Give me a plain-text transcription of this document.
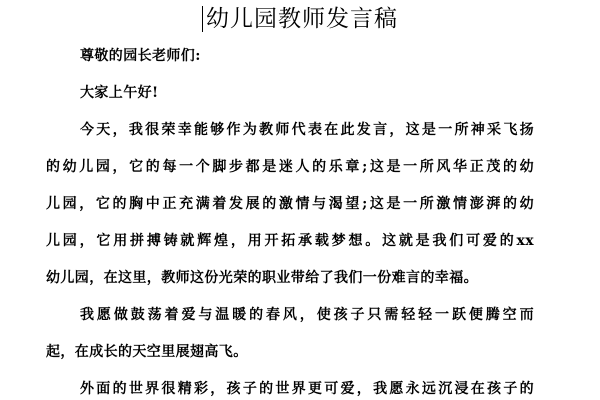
幼儿园教师发言稿
尊敬的园长老师们:
大家上午好!
今天，我很荣幸能够作为教师代表在此发言，这是一所神采飞扬
的幼儿园，它的每一个脚步都是迷人的乐章;这是一所风华正茂的幼
儿园，它的胸中正充满着发展的激情与渴望;这是一所激情澎湃的幼
儿园，它用拼搏铸就辉煌，用开拓承载梦想。这就是我们可爱的xx
幼儿园，在这里，教师这份光荣的职业带给了我们一份难言的幸福。
我愿做鼓荡着爱与温暖的春风，使孩子只需轻轻一跃便腾空而
起，在成长的天空里展翅高飞。
外面的世界很精彩，孩子的世界更可爱，我愿永远沉浸在孩子的
